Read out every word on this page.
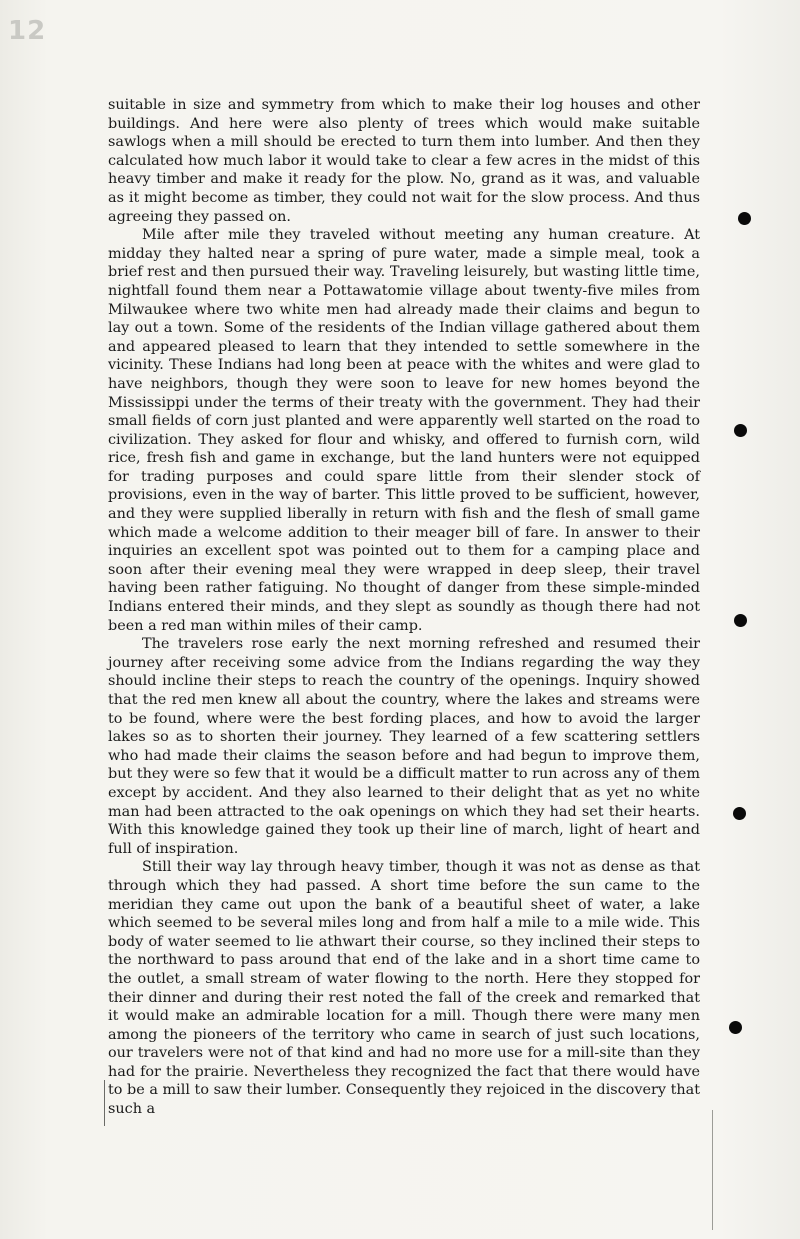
12

suitable in size and symmetry from which to make their log houses and other buildings. And here were also plenty of trees which would make suitable sawlogs when a mill should be erected to turn them into lumber. And then they calculated how much labor it would take to clear a few acres in the midst of this heavy timber and make it ready for the plow. No, grand as it was, and valuable as it might become as timber, they could not wait for the slow process. And thus agreeing they passed on.

Mile after mile they traveled without meeting any human creature. At midday they halted near a spring of pure water, made a simple meal, took a brief rest and then pursued their way. Traveling leisurely, but wasting little time, nightfall found them near a Pottawatomie village about twenty-five miles from Milwaukee where two white men had already made their claims and begun to lay out a town. Some of the residents of the Indian village gathered about them and appeared pleased to learn that they intended to settle somewhere in the vicinity. These Indians had long been at peace with the whites and were glad to have neighbors, though they were soon to leave for new homes beyond the Mississippi under the terms of their treaty with the government. They had their small fields of corn just planted and were apparently well started on the road to civilization. They asked for flour and whisky, and offered to furnish corn, wild rice, fresh fish and game in exchange, but the land hunters were not equipped for trading purposes and could spare little from their slender stock of provisions, even in the way of barter. This little proved to be sufficient, however, and they were supplied liberally in return with fish and the flesh of small game which made a welcome addition to their meager bill of fare. In answer to their inquiries an excellent spot was pointed out to them for a camping place and soon after their evening meal they were wrapped in deep sleep, their travel having been rather fatiguing. No thought of danger from these simple-minded Indians entered their minds, and they slept as soundly as though there had not been a red man within miles of their camp.

The travelers rose early the next morning refreshed and resumed their journey after receiving some advice from the Indians regarding the way they should incline their steps to reach the country of the openings. Inquiry showed that the red men knew all about the country, where the lakes and streams were to be found, where were the best fording places, and how to avoid the larger lakes so as to shorten their journey. They learned of a few scattering settlers who had made their claims the season before and had begun to improve them, but they were so few that it would be a difficult matter to run across any of them except by accident. And they also learned to their delight that as yet no white man had been attracted to the oak openings on which they had set their hearts. With this knowledge gained they took up their line of march, light of heart and full of inspiration.

Still their way lay through heavy timber, though it was not as dense as that through which they had passed. A short time before the sun came to the meridian they came out upon the bank of a beautiful sheet of water, a lake which seemed to be several miles long and from half a mile to a mile wide. This body of water seemed to lie athwart their course, so they inclined their steps to the northward to pass around that end of the lake and in a short time came to the outlet, a small stream of water flowing to the north. Here they stopped for their dinner and during their rest noted the fall of the creek and remarked that it would make an admirable location for a mill. Though there were many men among the pioneers of the territory who came in search of just such locations, our travelers were not of that kind and had no more use for a mill-site than they had for the prairie. Nevertheless they recognized the fact that there would have to be a mill to saw their lumber. Consequently they rejoiced in the discovery that such a
